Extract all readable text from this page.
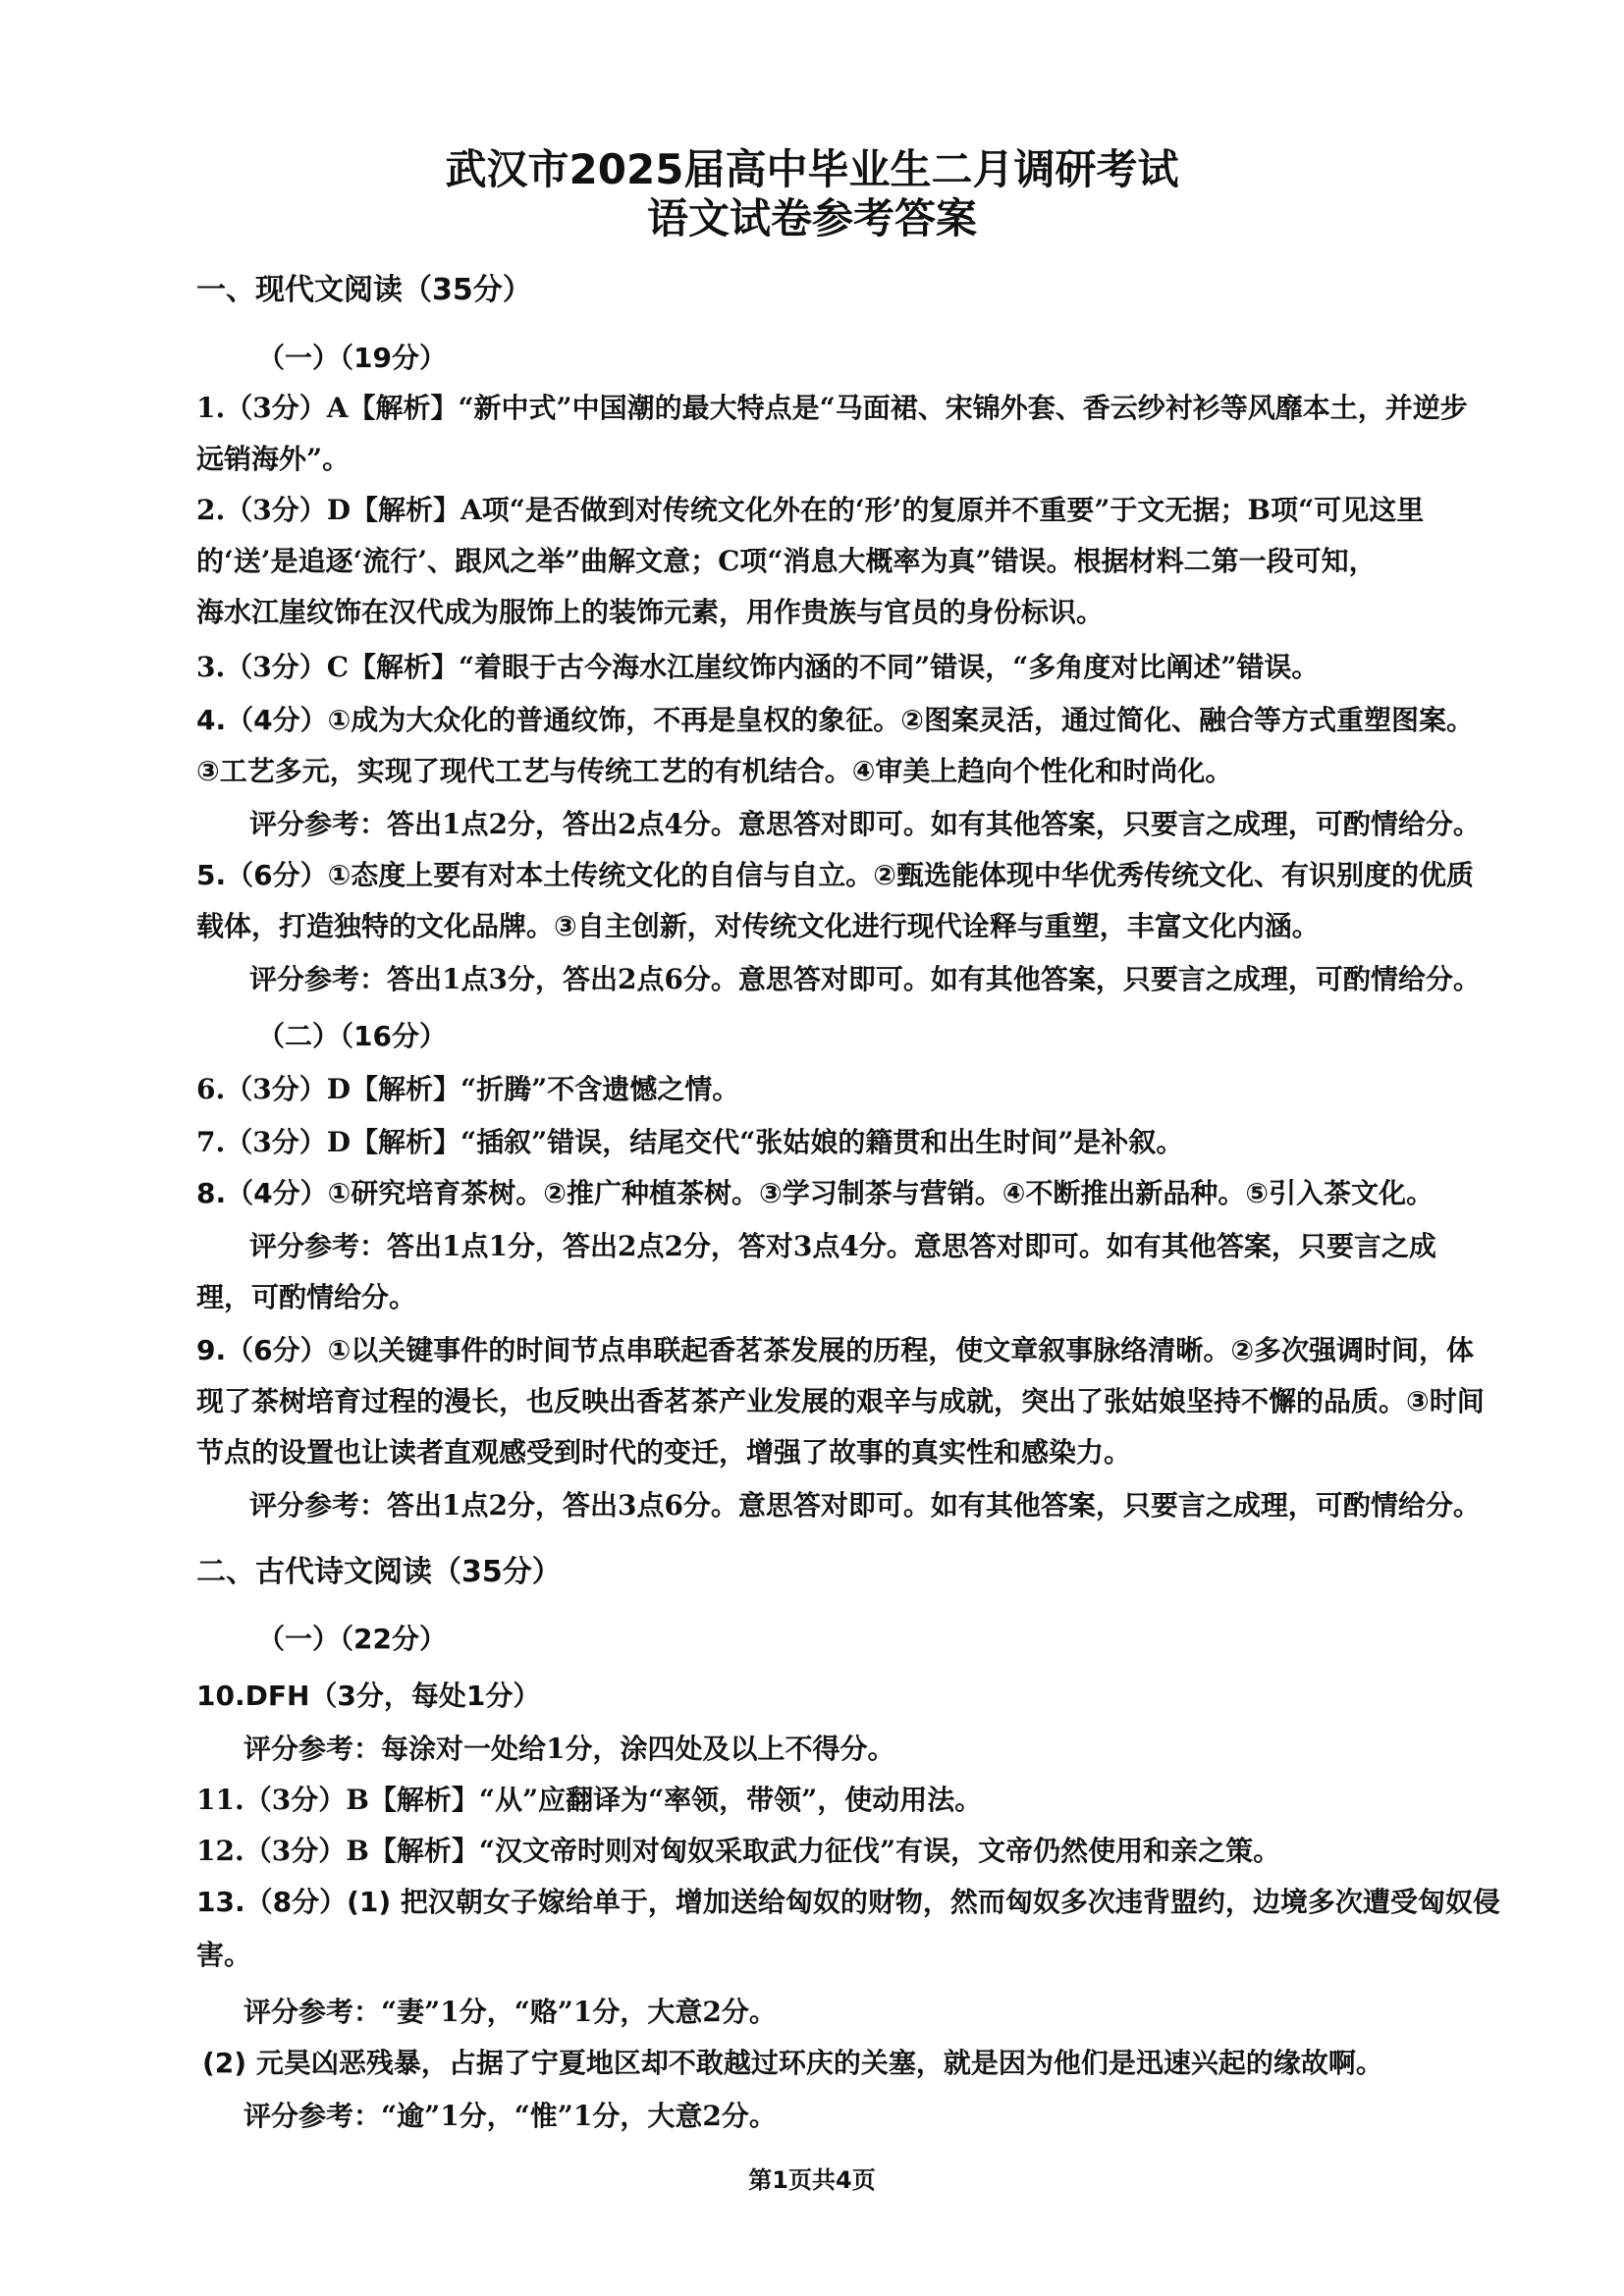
武汉市2025届高中毕业生二月调研考试
语文试卷参考答案

一、现代文阅读（35分）

（一）（19分）

1.（3分）A【解析】“新中式”中国潮的最大特点是“马面裙、宋锦外套、香云纱衬衫等风靡本土，并逆步

远销海外”。

2.（3分）D【解析】A项“是否做到对传统文化外在的‘形’的复原并不重要”于文无据；B项“可见这里

的‘送’是追逐‘流行’、跟风之举”曲解文意；C项“消息大概率为真”错误。根据材料二第一段可知，

海水江崖纹饰在汉代成为服饰上的装饰元素，用作贵族与官员的身份标识。

3.（3分）C【解析】“着眼于古今海水江崖纹饰内涵的不同”错误，“多角度对比阐述”错误。

4.（4分）①成为大众化的普通纹饰，不再是皇权的象征。②图案灵活，通过简化、融合等方式重塑图案。

③工艺多元，实现了现代工艺与传统工艺的有机结合。④审美上趋向个性化和时尚化。

评分参考：答出1点2分，答出2点4分。意思答对即可。如有其他答案，只要言之成理，可酌情给分。

5.（6分）①态度上要有对本土传统文化的自信与自立。②甄选能体现中华优秀传统文化、有识别度的优质

载体，打造独特的文化品牌。③自主创新，对传统文化进行现代诠释与重塑，丰富文化内涵。

评分参考：答出1点3分，答出2点6分。意思答对即可。如有其他答案，只要言之成理，可酌情给分。

（二）（16分）

6.（3分）D【解析】“折腾”不含遗憾之情。

7.（3分）D【解析】“插叙”错误，结尾交代“张姑娘的籍贯和出生时间”是补叙。

8.（4分）①研究培育茶树。②推广种植茶树。③学习制茶与营销。④不断推出新品种。⑤引入茶文化。

评分参考：答出1点1分，答出2点2分，答对3点4分。意思答对即可。如有其他答案，只要言之成

理，可酌情给分。

9.（6分）①以关键事件的时间节点串联起香茗茶发展的历程，使文章叙事脉络清晰。②多次强调时间，体

现了茶树培育过程的漫长，也反映出香茗茶产业发展的艰辛与成就，突出了张姑娘坚持不懈的品质。③时间

节点的设置也让读者直观感受到时代的变迁，增强了故事的真实性和感染力。

评分参考：答出1点2分，答出3点6分。意思答对即可。如有其他答案，只要言之成理，可酌情给分。

二、古代诗文阅读（35分）

（一）（22分）

10.DFH（3分，每处1分）

评分参考：每涂对一处给1分，涂四处及以上不得分。

11.（3分）B【解析】“从”应翻译为“率领，带领”，使动用法。

12.（3分）B【解析】“汉文帝时则对匈奴采取武力征伐”有误，文帝仍然使用和亲之策。

13.（8分）(1) 把汉朝女子嫁给单于，增加送给匈奴的财物，然而匈奴多次违背盟约，边境多次遭受匈奴侵

害。

评分参考：“妻”1分，“赂”1分，大意2分。

(2) 元昊凶恶残暴，占据了宁夏地区却不敢越过环庆的关塞，就是因为他们是迅速兴起的缘故啊。

评分参考：“逾”1分，“惟”1分，大意2分。

第1页共4页
